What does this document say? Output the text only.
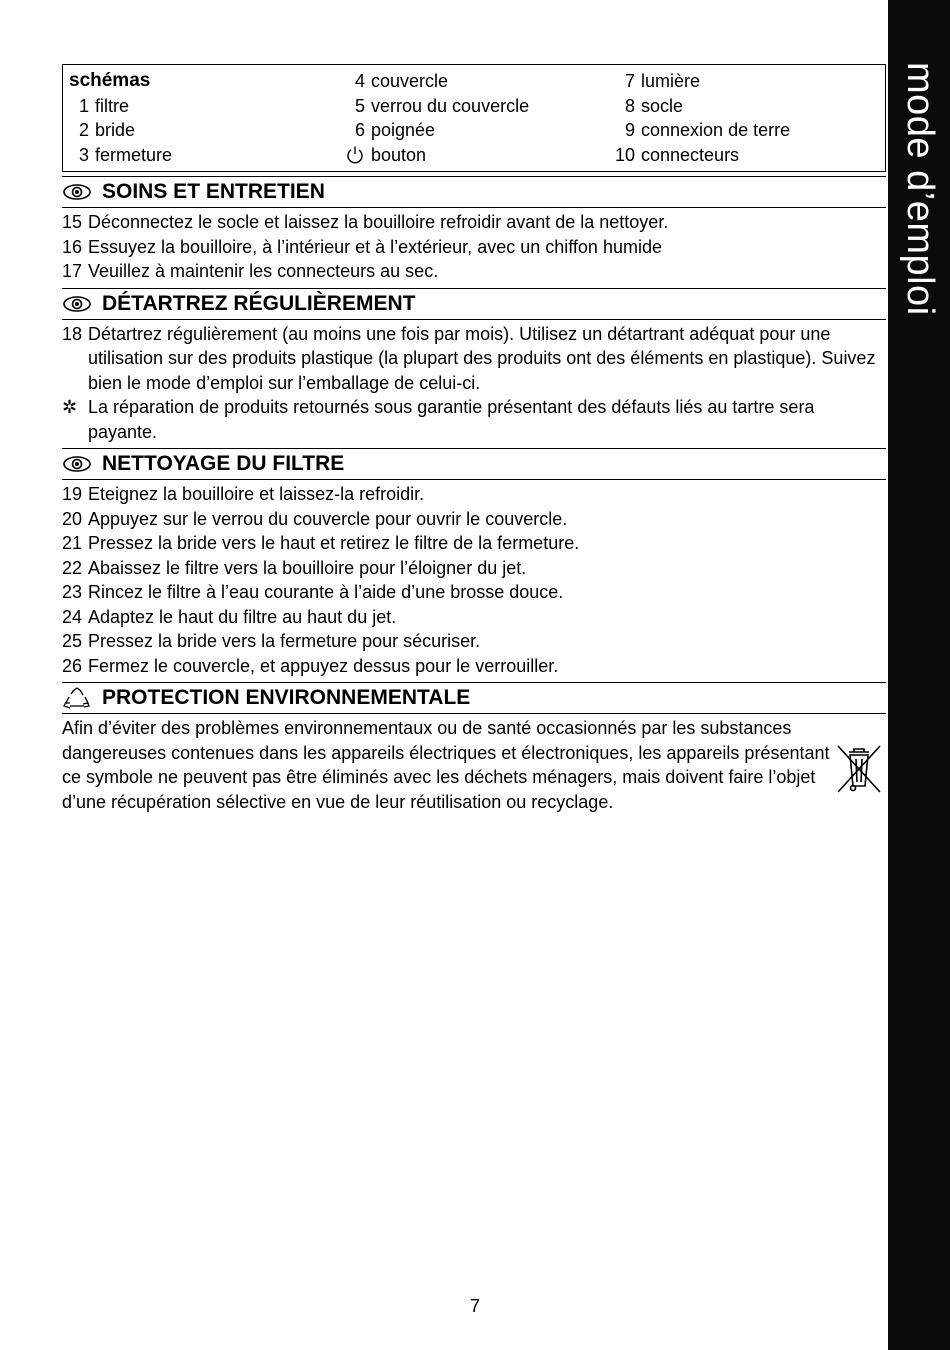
mode d’emploi
schémas
1 filtre
2 bride
3 fermeture
4 couvercle
5 verrou du couvercle
6 poignée
bouton
7 lumière
8 socle
9 connexion de terre
10 connecteurs
SOINS ET ENTRETIEN
15 Déconnectez le socle et laissez la bouilloire refroidir avant de la nettoyer.
16 Essuyez la bouilloire, à l’intérieur et à l’extérieur, avec un chiffon humide
17 Veuillez à maintenir les connecteurs au sec.
DÉTARTREZ RÉGULIÈREMENT
18 Détartrez régulièrement (au moins une fois par mois). Utilisez un détartrant adéquat pour une utilisation sur des produits plastique (la plupart des produits ont des éléments en plastique). Suivez bien le mode d’emploi sur l’emballage de celui-ci.
✲ La réparation de produits retournés sous garantie présentant des défauts liés au tartre sera payante.
NETTOYAGE DU FILTRE
19 Eteignez la bouilloire et laissez-la refroidir.
20 Appuyez sur le verrou du couvercle pour ouvrir le couvercle.
21 Pressez la bride vers le haut et retirez le filtre de la fermeture.
22 Abaissez le filtre vers la bouilloire pour l’éloigner du jet.
23 Rincez le filtre à l’eau courante à l’aide d’une brosse douce.
24 Adaptez le haut du filtre au haut du jet.
25 Pressez la bride vers la fermeture pour sécuriser.
26 Fermez le couvercle, et appuyez dessus pour le verrouiller.
PROTECTION ENVIRONNEMENTALE
Afin d’éviter des problèmes environnementaux ou de santé occasionnés par les substances dangereuses contenues dans les appareils électriques et électroniques, les appareils présentant ce symbole ne peuvent pas être éliminés avec les déchets ménagers, mais doivent faire l’objet d’une récupération sélective en vue de leur réutilisation ou recyclage.
7
